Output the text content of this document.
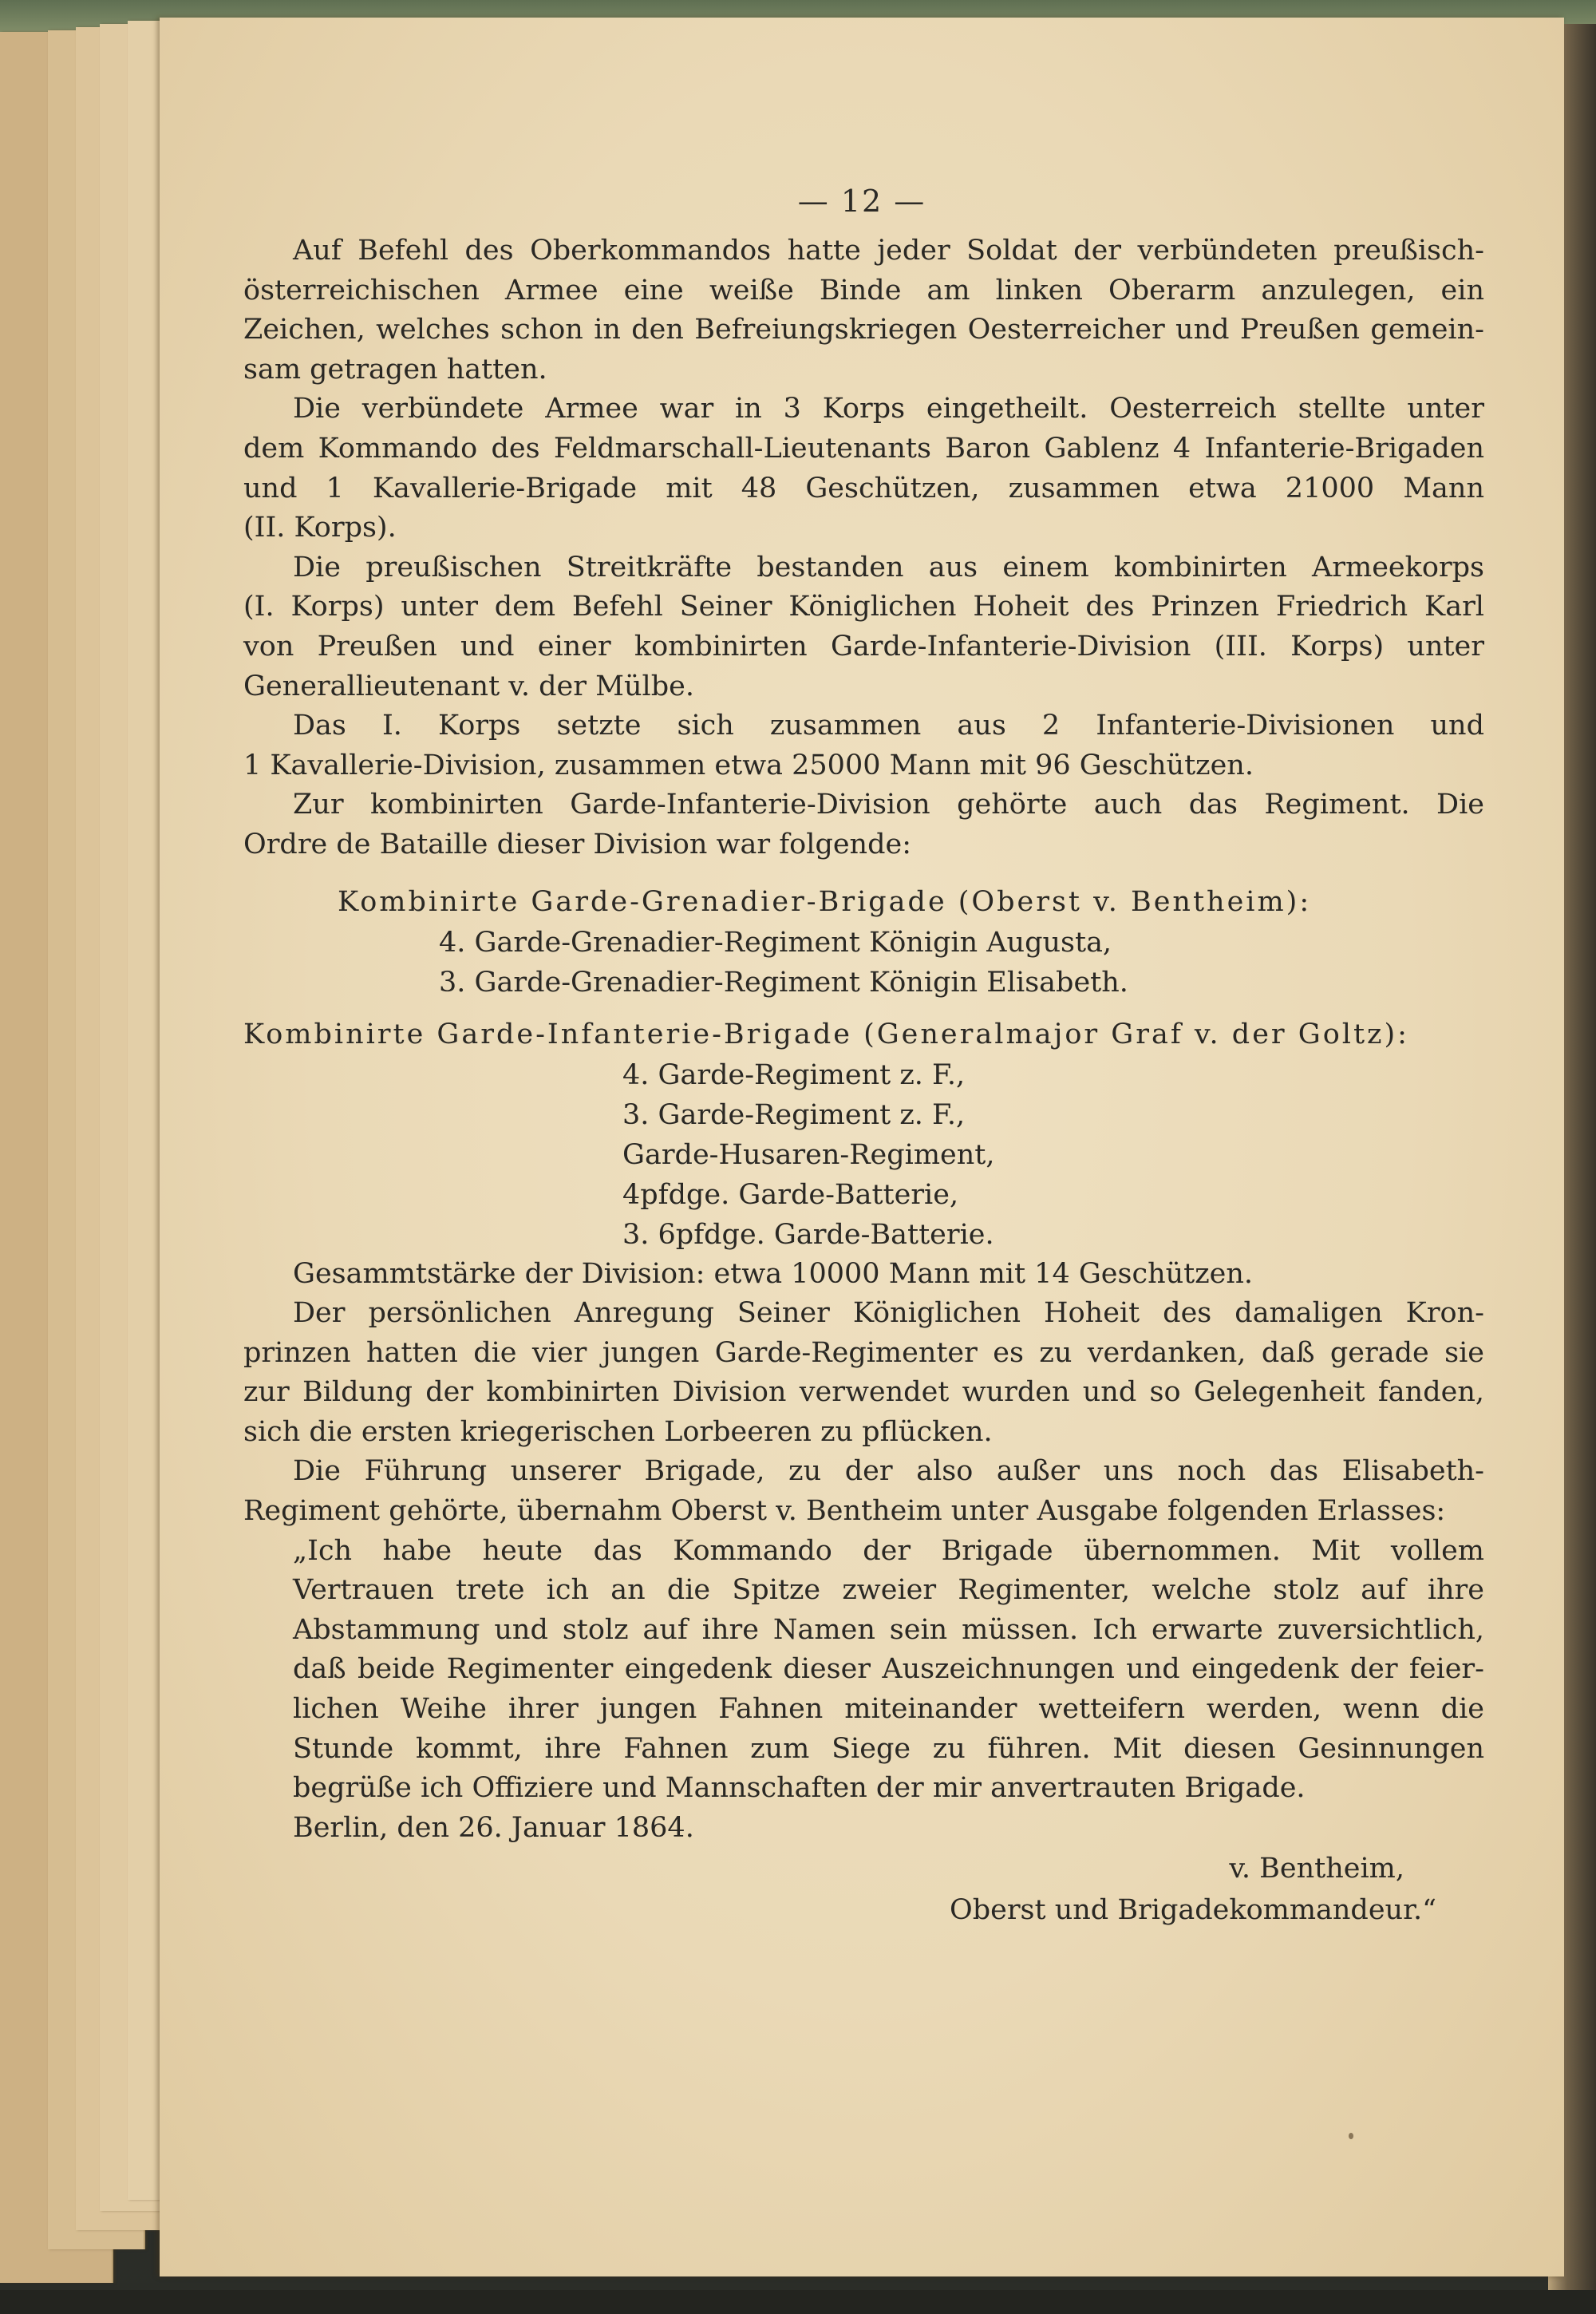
— 12 —
Auf Befehl des Oberkommandos hatte jeder Soldat der verbündeten preußisch-
österreichischen Armee eine weiße Binde am linken Oberarm anzulegen, ein
Zeichen, welches schon in den Befreiungskriegen Oesterreicher und Preußen gemein-
sam getragen hatten.
Die verbündete Armee war in 3 Korps eingetheilt. Oesterreich stellte unter
dem Kommando des Feldmarschall-Lieutenants Baron Gablenz 4 Infanterie-Brigaden
und 1 Kavallerie-Brigade mit 48 Geschützen, zusammen etwa 21000 Mann
(II. Korps).
Die preußischen Streitkräfte bestanden aus einem kombinirten Armeekorps
(I. Korps) unter dem Befehl Seiner Königlichen Hoheit des Prinzen Friedrich Karl
von Preußen und einer kombinirten Garde-Infanterie-Division (III. Korps) unter
Generallieutenant v. der Mülbe.
Das I. Korps setzte sich zusammen aus 2 Infanterie-Divisionen und
1 Kavallerie-Division, zusammen etwa 25000 Mann mit 96 Geschützen.
Zur kombinirten Garde-Infanterie-Division gehörte auch das Regiment. Die
Ordre de Bataille dieser Division war folgende:
Kombinirte Garde-Grenadier-Brigade (Oberst v. Bentheim):
4. Garde-Grenadier-Regiment Königin Augusta,
3. Garde-Grenadier-Regiment Königin Elisabeth.
Kombinirte Garde-Infanterie-Brigade (Generalmajor Graf v. der Goltz):
4. Garde-Regiment z. F.,
3. Garde-Regiment z. F.,
Garde-Husaren-Regiment,
4pfdge. Garde-Batterie,
3. 6pfdge. Garde-Batterie.
Gesammtstärke der Division: etwa 10000 Mann mit 14 Geschützen.
Der persönlichen Anregung Seiner Königlichen Hoheit des damaligen Kron-
prinzen hatten die vier jungen Garde-Regimenter es zu verdanken, daß gerade sie
zur Bildung der kombinirten Division verwendet wurden und so Gelegenheit fanden,
sich die ersten kriegerischen Lorbeeren zu pflücken.
Die Führung unserer Brigade, zu der also außer uns noch das Elisabeth-
Regiment gehörte, übernahm Oberst v. Bentheim unter Ausgabe folgenden Erlasses:
„Ich habe heute das Kommando der Brigade übernommen. Mit vollem
Vertrauen trete ich an die Spitze zweier Regimenter, welche stolz auf ihre
Abstammung und stolz auf ihre Namen sein müssen. Ich erwarte zuversichtlich,
daß beide Regimenter eingedenk dieser Auszeichnungen und eingedenk der feier-
lichen Weihe ihrer jungen Fahnen miteinander wetteifern werden, wenn die
Stunde kommt, ihre Fahnen zum Siege zu führen. Mit diesen Gesinnungen
begrüße ich Offiziere und Mannschaften der mir anvertrauten Brigade.
Berlin, den 26. Januar 1864.
v. Bentheim,
Oberst und Brigadekommandeur.“
